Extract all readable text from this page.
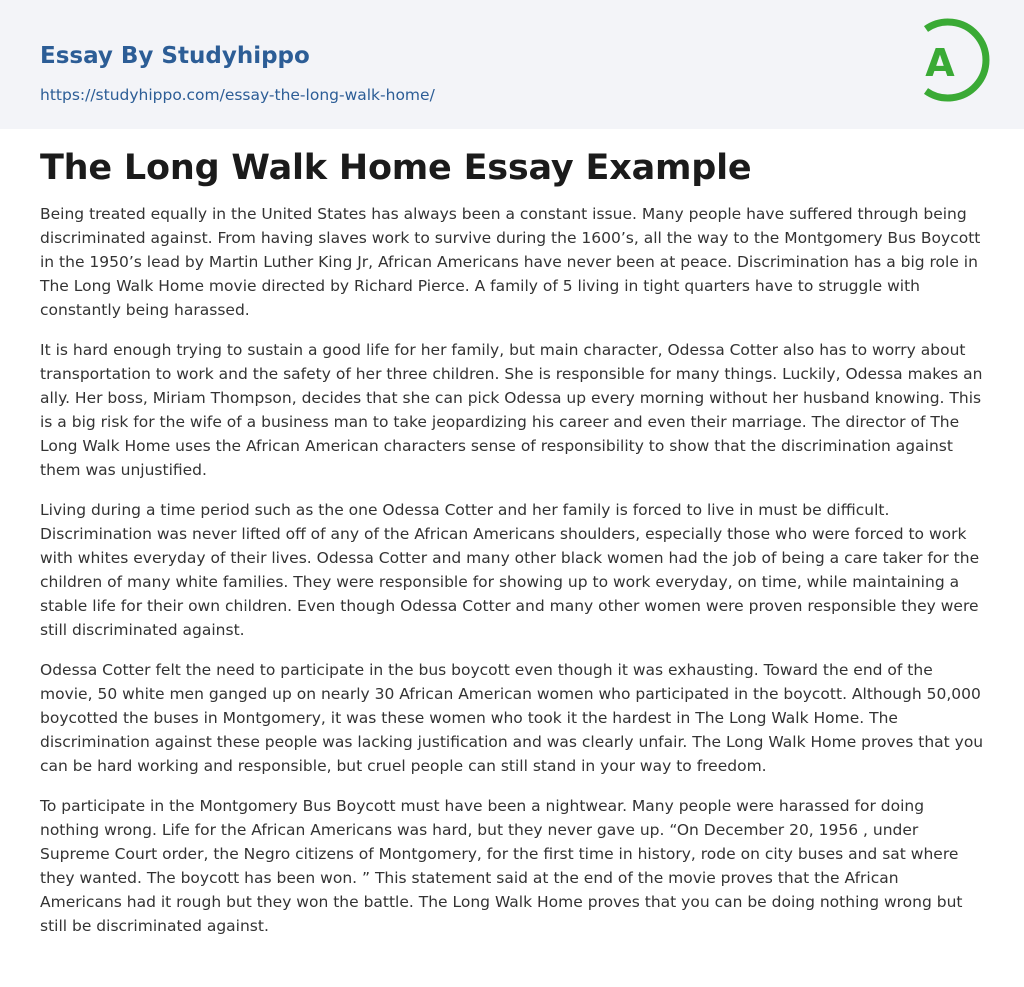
Essay By Studyhippo
https://studyhippo.com/essay-the-long-walk-home/
A
The Long Walk Home Essay Example

Being treated equally in the United States has always been a constant issue. Many people have suffered through being discriminated against. From having slaves work to survive during the 1600’s, all the way to the Montgomery Bus Boycott in the 1950’s lead by Martin Luther King Jr, African Americans have never been at peace. Discrimination has a big role in The Long Walk Home movie directed by Richard Pierce. A family of 5 living in tight quarters have to struggle with constantly being harassed.

It is hard enough trying to sustain a good life for her family, but main character, Odessa Cotter also has to worry about transportation to work and the safety of her three children. She is responsible for many things. Luckily, Odessa makes an ally. Her boss, Miriam Thompson, decides that she can pick Odessa up every morning without her husband knowing. This is a big risk for the wife of a business man to take jeopardizing his career and even their marriage. The director of The Long Walk Home uses the African American characters sense of responsibility to show that the discrimination against them was unjustified.

Living during a time period such as the one Odessa Cotter and her family is forced to live in must be difficult. Discrimination was never lifted off of any of the African Americans shoulders, especially those who were forced to work with whites everyday of their lives. Odessa Cotter and many other black women had the job of being a care taker for the children of many white families. They were responsible for showing up to work everyday, on time, while maintaining a stable life for their own children. Even though Odessa Cotter and many other women were proven responsible they were still discriminated against.

Odessa Cotter felt the need to participate in the bus boycott even though it was exhausting. Toward the end of the movie, 50 white men ganged up on nearly 30 African American women who participated in the boycott. Although 50,000 boycotted the buses in Montgomery, it was these women who took it the hardest in The Long Walk Home. The discrimination against these people was lacking justification and was clearly unfair. The Long Walk Home proves that you can be hard working and responsible, but cruel people can still stand in your way to freedom.

To participate in the Montgomery Bus Boycott must have been a nightwear. Many people were harassed for doing nothing wrong. Life for the African Americans was hard, but they never gave up. “On December 20, 1956 , under Supreme Court order, the Negro citizens of Montgomery, for the first time in history, rode on city buses and sat where they wanted. The boycott has been won. ” This statement said at the end of the movie proves that the African Americans had it rough but they won the battle. The Long Walk Home proves that you can be doing nothing wrong but still be discriminated against.
